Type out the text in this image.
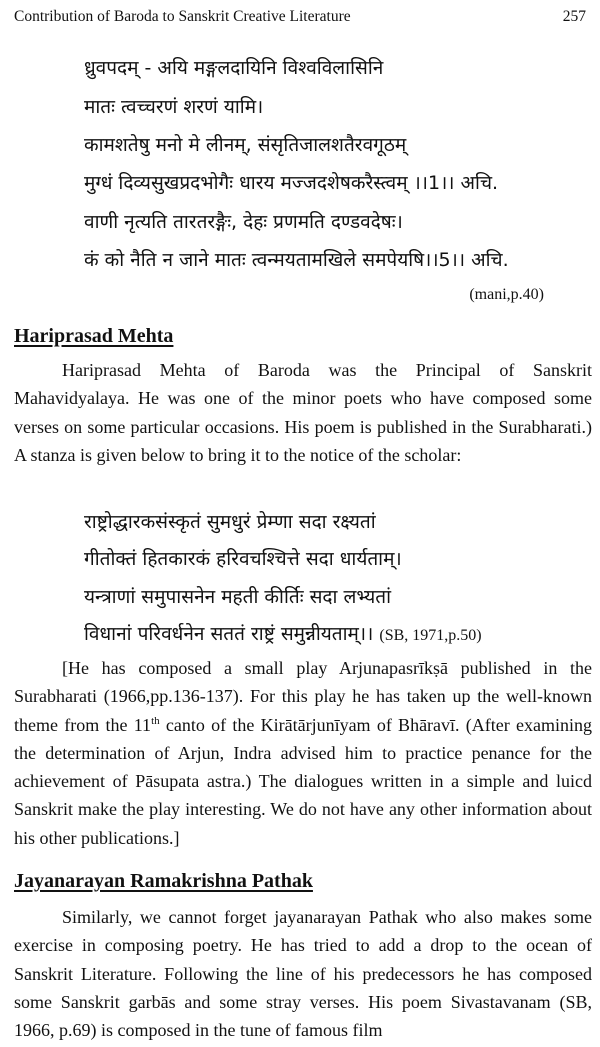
Contribution of Baroda to Sanskrit Creative Literature	257
ध्रुवपदम् - अयि मङ्गलदायिनि विश्वविलासिनि
मातः त्वच्चरणं शरणं यामि।
कामशतेषु मनो मे लीनम्, संसृतिजालशतैरवगूठम्
मुग्धं दिव्यसुखप्रदभोगैः धारय मज्जदशेषकरैस्त्वम् ।।1।। अचि.
वाणी नृत्यति तारतरङ्गैः, देहः प्रणमति दण्डवदेषः।
कं को नैति न जाने मातः त्वन्मयतामखिले समपेयषि।।5।। अचि.
(mani,p.40)
Hariprasad Mehta

Hariprasad Mehta of Baroda was the Principal of Sanskrit Mahavidyalaya. He was one of the minor poets who have composed some verses on some particular occasions. His poem is published in the Surabharati.) A stanza is given below to bring it to the notice of the scholar:

राष्ट्रोद्धारकसंस्कृतं सुमधुरं प्रेम्णा सदा रक्ष्यतां
गीतोक्तं हितकारकं हरिवचश्चित्ते सदा धार्यताम्।
यन्त्राणां समुपासनेन महती कीर्तिः सदा लभ्यतां
विधानां परिवर्धनेन सततं राष्ट्रं समुन्नीयताम्।। (SB, 1971,p.50)

[He has composed a small play Arjunapasrīkṣā published in the Surabharati (1966,pp.136-137). For this play he has taken up the well-known theme from the 11th canto of the Kirātārjunīyam of Bhāravī. (After examining the determination of Arjun, Indra advised him to practice penance for the achievement of Pāsupata astra.) The dialogues written in a simple and luicd Sanskrit make the play interesting. We do not have any other information about his other publications.]

Jayanarayan Ramakrishna Pathak

Similarly, we cannot forget jayanarayan Pathak who also makes some exercise in composing poetry. He has tried to add a drop to the ocean of Sanskrit Literature. Following the line of his predecessors he has composed some Sanskrit garbās and some stray verses. His poem Sivastavanam (SB, 1966, p.69) is composed in the tune of famous film
